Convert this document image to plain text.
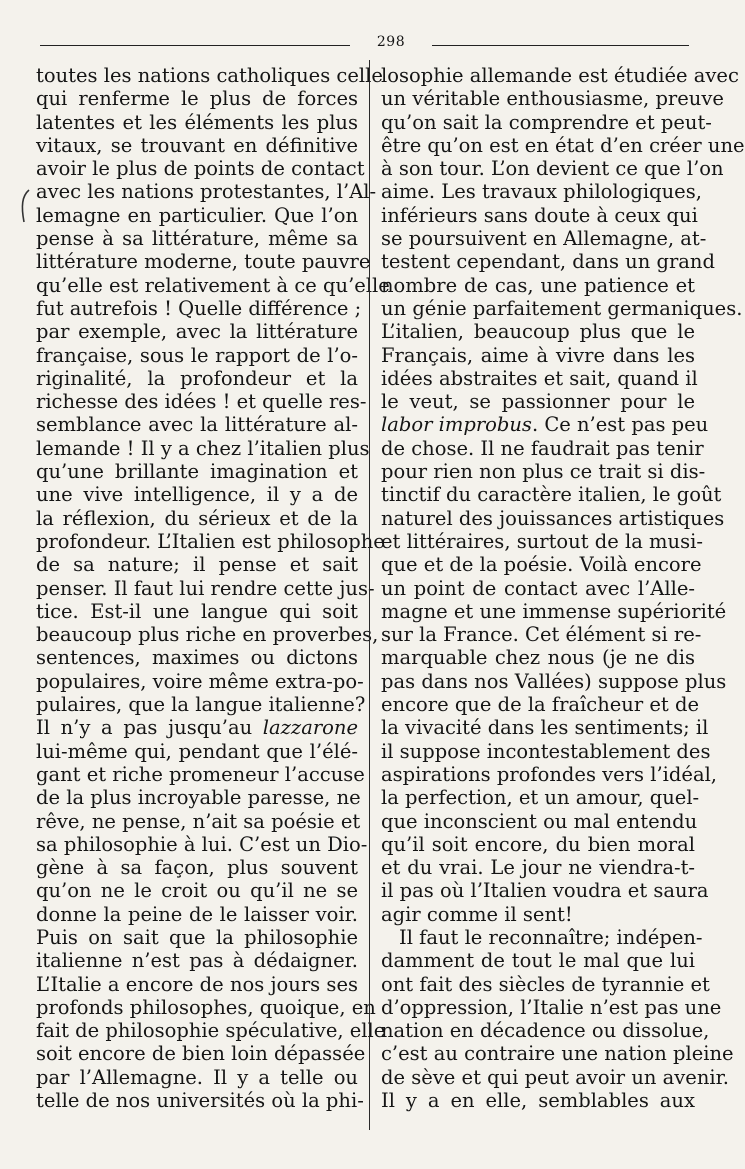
298
toutes les nations catholiques celle
qui renferme le plus de forces
latentes et les éléments les plus
vitaux, se trouvant en définitive
avoir le plus de points de contact
avec les nations protestantes, l’Al-
lemagne en particulier. Que l’on
pense à sa littérature, même sa
littérature moderne, toute pauvre
qu’elle est relativement à ce qu’elle
fut autrefois ! Quelle différence ;
par exemple, avec la littérature
française, sous le rapport de l’o-
riginalité, la profondeur et la
richesse des idées ! et quelle res-
semblance avec la littérature al-
lemande ! Il y a chez l’italien plus
qu’une brillante imagination et
une vive intelligence, il y a de
la réflexion, du sérieux et de la
profondeur. L’Italien est philosophe
de sa nature; il pense et sait
penser. Il faut lui rendre cette jus-
tice. Est-il une langue qui soit
beaucoup plus riche en proverbes,
sentences, maximes ou dictons
populaires, voire même extra-po-
pulaires, que la langue italienne?
Il n’y a pas jusqu’au lazzarone
lui-même qui, pendant que l’élé-
gant et riche promeneur l’accuse
de la plus incroyable paresse, ne
rêve, ne pense, n’ait sa poésie et
sa philosophie à lui. C’est un Dio-
gène à sa façon, plus souvent
qu’on ne le croit ou qu’il ne se
donne la peine de le laisser voir.
Puis on sait que la philosophie
italienne n’est pas à dédaigner.
L’Italie a encore de nos jours ses
profonds philosophes, quoique, en
fait de philosophie spéculative, elle
soit encore de bien loin dépassée
par l’Allemagne. Il y a telle ou
telle de nos universités où la phi-
losophie allemande est étudiée avec
un véritable enthousiasme, preuve
qu’on sait la comprendre et peut-
être qu’on est en état d’en créer une
à son tour. L’on devient ce que l’on
aime. Les travaux philologiques,
inférieurs sans doute à ceux qui
se poursuivent en Allemagne, at-
testent cependant, dans un grand
nombre de cas, une patience et
un génie parfaitement germaniques.
L’italien, beaucoup plus que le
Français, aime à vivre dans les
idées abstraites et sait, quand il
le veut, se passionner pour le
labor improbus. Ce n’est pas peu
de chose. Il ne faudrait pas tenir
pour rien non plus ce trait si dis-
tinctif du caractère italien, le goût
naturel des jouissances artistiques
et littéraires, surtout de la musi-
que et de la poésie. Voilà encore
un point de contact avec l’Alle-
magne et une immense supériorité
sur la France. Cet élément si re-
marquable chez nous (je ne dis
pas dans nos Vallées) suppose plus
encore que de la fraîcheur et de
la vivacité dans les sentiments; il
il suppose incontestablement des
aspirations profondes vers l’idéal,
la perfection, et un amour, quel-
que inconscient ou mal entendu
qu’il soit encore, du bien moral
et du vrai. Le jour ne viendra-t-
il pas où l’Italien voudra et saura
agir comme il sent!
Il faut le reconnaître; indépen-
damment de tout le mal que lui
ont fait des siècles de tyrannie et
d’oppression, l’Italie n’est pas une
nation en décadence ou dissolue,
c’est au contraire une nation pleine
de sève et qui peut avoir un avenir.
Il y a en elle, semblables aux
